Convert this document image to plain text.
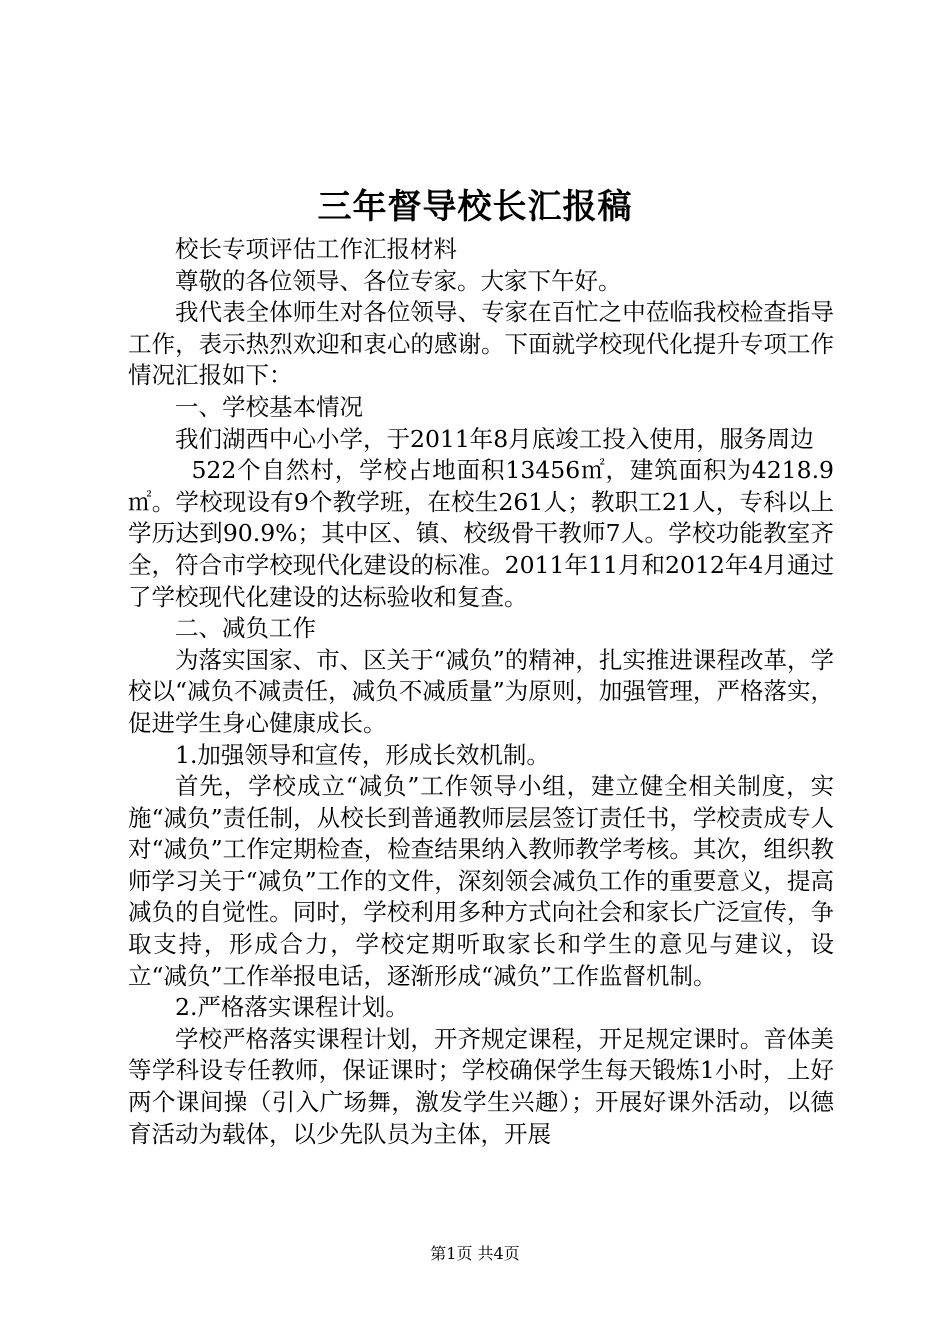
三年督导校长汇报稿

校长专项评估工作汇报材料

尊敬的各位领导、各位专家。大家下午好。

我代表全体师生对各位领导、专家在百忙之中莅临我校检查指导工作，表示热烈欢迎和衷心的感谢。下面就学校现代化提升专项工作情况汇报如下：

一、学校基本情况

我们湖西中心小学，于2011年8月底竣工投入使用，服务周边

522个自然村，学校占地面积13456㎡，建筑面积为4218.9㎡。学校现设有9个教学班，在校生261人；教职工21人，专科以上学历达到90.9%；其中区、镇、校级骨干教师7人。学校功能教室齐全，符合市学校现代化建设的标准。2011年11月和2012年4月通过了学校现代化建设的达标验收和复查。

二、减负工作

为落实国家、市、区关于“减负”的精神，扎实推进课程改革，学校以“减负不减责任，减负不减质量”为原则，加强管理，严格落实，促进学生身心健康成长。

1.加强领导和宣传，形成长效机制。

首先，学校成立“减负”工作领导小组，建立健全相关制度，实施“减负”责任制，从校长到普通教师层层签订责任书，学校责成专人对“减负”工作定期检查，检查结果纳入教师教学考核。其次，组织教师学习关于“减负”工作的文件，深刻领会减负工作的重要意义，提高减负的自觉性。同时，学校利用多种方式向社会和家长广泛宣传，争取支持，形成合力，学校定期听取家长和学生的意见与建议，设立“减负”工作举报电话，逐渐形成“减负”工作监督机制。

2.严格落实课程计划。

学校严格落实课程计划，开齐规定课程，开足规定课时。音体美等学科设专任教师，保证课时；学校确保学生每天锻炼1小时，上好两个课间操（引入广场舞，激发学生兴趣）；开展好课外活动，以德育活动为载体，以少先队员为主体，开展

第1页 共4页
